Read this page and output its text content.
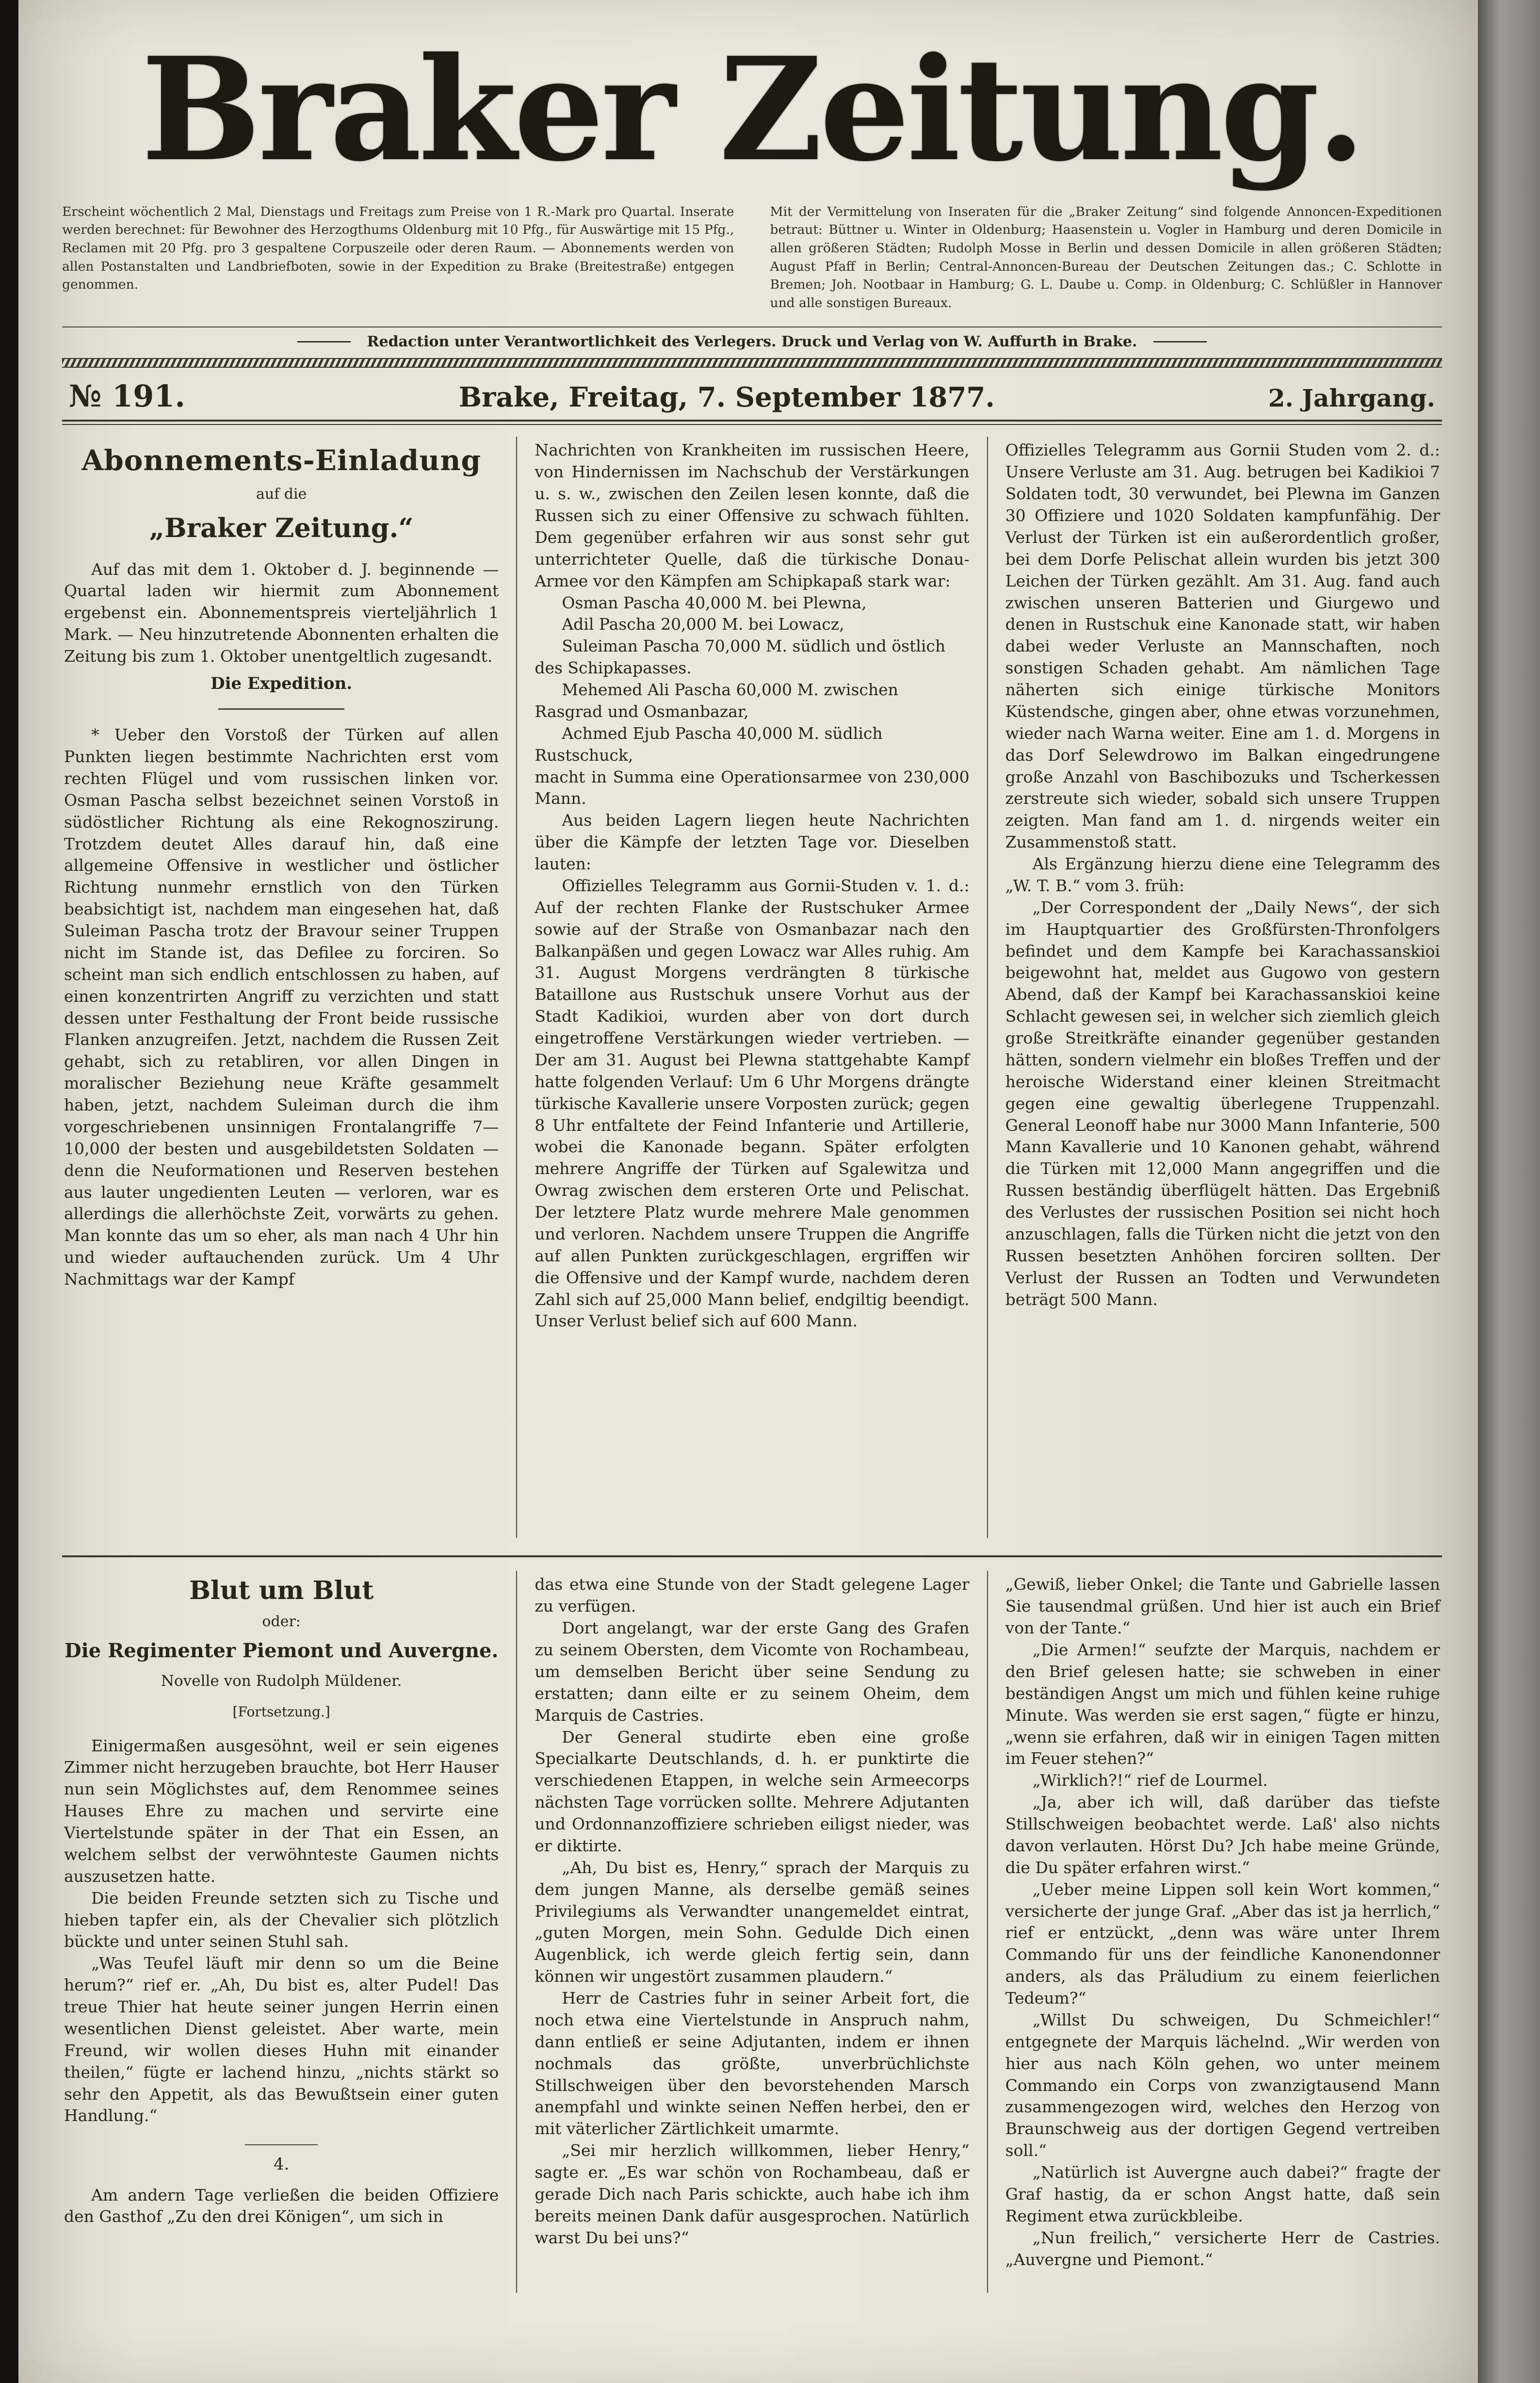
Braker Zeitung.

Erscheint wöchentlich 2 Mal, Dienstags und Freitags zum Preise von 1 R.-Mark pro Quartal. Inserate werden berechnet: für Bewohner des Herzogthums Oldenburg mit 10 Pfg., für Auswärtige mit 15 Pfg., Reclamen mit 20 Pfg. pro 3 gespaltene Corpuszeile oder deren Raum. — Abonnements werden von allen Postanstalten und Landbriefboten, sowie in der Expedition zu Brake (Breitestraße) entgegen genommen.

Mit der Vermittelung von Inseraten für die „Braker Zeitung“ sind folgende Annoncen-Expeditionen betraut: Büttner u. Winter in Oldenburg; Haasenstein u. Vogler in Hamburg und deren Domicile in allen größeren Städten; Rudolph Mosse in Berlin und dessen Domicile in allen größeren Städten; August Pfaff in Berlin; Central-Annoncen-Bureau der Deutschen Zeitungen das.; C. Schlotte in Bremen; Joh. Nootbaar in Hamburg; G. L. Daube u. Comp. in Oldenburg; C. Schlüßler in Hannover und alle sonstigen Bureaux.

Redaction unter Verantwortlichkeit des Verlegers. Druck und Verlag von W. Auffurth in Brake.
№ 191.	Brake, Freitag, 7. September 1877.	2. Jahrgang.
Abonnements-Einladung
auf die
„Braker Zeitung.“

Auf das mit dem 1. Oktober d. J. beginnende — Quartal laden wir hiermit zum Abonnement ergebenst ein. Abonnementspreis vierteljährlich 1 Mark. — Neu hinzutretende Abonnenten erhalten die Zeitung bis zum 1. Oktober unentgeltlich zugesandt.

Die Expedition.

* Ueber den Vorstoß der Türken auf allen Punkten liegen bestimmte Nachrichten erst vom rechten Flügel und vom russischen linken vor. Osman Pascha selbst bezeichnet seinen Vorstoß in südöstlicher Richtung als eine Rekognoszirung. Trotzdem deutet Alles darauf hin, daß eine allgemeine Offensive in westlicher und östlicher Richtung nunmehr ernstlich von den Türken beabsichtigt ist, nachdem man eingesehen hat, daß Suleiman Pascha trotz der Bravour seiner Truppen nicht im Stande ist, das Defilee zu forciren. So scheint man sich endlich entschlossen zu haben, auf einen konzentrirten Angriff zu verzichten und statt dessen unter Festhaltung der Front beide russische Flanken anzugreifen. Jetzt, nachdem die Russen Zeit gehabt, sich zu retabliren, vor allen Dingen in moralischer Beziehung neue Kräfte gesammelt haben, jetzt, nachdem Suleiman durch die ihm vorgeschriebenen unsinnigen Frontalangriffe 7—10,000 der besten und ausgebildetsten Soldaten — denn die Neuformationen und Reserven bestehen aus lauter ungedienten Leuten — verloren, war es allerdings die allerhöchste Zeit, vorwärts zu gehen. Man konnte das um so eher, als man nach 4 Uhr hin und wieder auftauchenden zurück. Um 4 Uhr Nachmittags war der Kampf

Nachrichten von Krankheiten im russischen Heere, von Hindernissen im Nachschub der Verstärkungen u. s. w., zwischen den Zeilen lesen konnte, daß die Russen sich zu einer Offensive zu schwach fühlten. Dem gegenüber erfahren wir aus sonst sehr gut unterrichteter Quelle, daß die türkische Donau-Armee vor den Kämpfen am Schipkapaß stark war:

Osman Pascha 40,000 M. bei Plewna,

Adil Pascha 20,000 M. bei Lowacz,

Suleiman Pascha 70,000 M. südlich und östlich des Schipkapasses.

Mehemed Ali Pascha 60,000 M. zwischen Rasgrad und Osmanbazar,

Achmed Ejub Pascha 40,000 M. südlich Rustschuck,

macht in Summa eine Operationsarmee von 230,000 Mann.

Aus beiden Lagern liegen heute Nachrichten über die Kämpfe der letzten Tage vor. Dieselben lauten:

Offizielles Telegramm aus Gornii-Studen v. 1. d.: Auf der rechten Flanke der Rustschuker Armee sowie auf der Straße von Osmanbazar nach den Balkanpäßen und gegen Lowacz war Alles ruhig. Am 31. August Morgens verdrängten 8 türkische Bataillone aus Rustschuk unsere Vorhut aus der Stadt Kadikioi, wurden aber von dort durch eingetroffene Verstärkungen wieder vertrieben. — Der am 31. August bei Plewna stattgehabte Kampf hatte folgenden Verlauf: Um 6 Uhr Morgens drängte türkische Kavallerie unsere Vorposten zurück; gegen 8 Uhr entfaltete der Feind Infanterie und Artillerie, wobei die Kanonade begann. Später erfolgten mehrere Angriffe der Türken auf Sgalewitza und Owrag zwischen dem ersteren Orte und Pelischat. Der letztere Platz wurde mehrere Male genommen und verloren. Nachdem unsere Truppen die Angriffe auf allen Punkten zurückgeschlagen, ergriffen wir die Offensive und der Kampf wurde, nachdem deren Zahl sich auf 25,000 Mann belief, endgiltig beendigt. Unser Verlust belief sich auf 600 Mann.

Offizielles Telegramm aus Gornii Studen vom 2. d.: Unsere Verluste am 31. Aug. betrugen bei Kadikioi 7 Soldaten todt, 30 verwundet, bei Plewna im Ganzen 30 Offiziere und 1020 Soldaten kampfunfähig. Der Verlust der Türken ist ein außerordentlich großer, bei dem Dorfe Pelischat allein wurden bis jetzt 300 Leichen der Türken gezählt. Am 31. Aug. fand auch zwischen unseren Batterien und Giurgewo und denen in Rustschuk eine Kanonade statt, wir haben dabei weder Verluste an Mannschaften, noch sonstigen Schaden gehabt. Am nämlichen Tage näherten sich einige türkische Monitors Küstendsche, gingen aber, ohne etwas vorzunehmen, wieder nach Warna weiter. Eine am 1. d. Morgens in das Dorf Selewdrowo im Balkan eingedrungene große Anzahl von Baschibozuks und Tscherkessen zerstreute sich wieder, sobald sich unsere Truppen zeigten. Man fand am 1. d. nirgends weiter ein Zusammenstoß statt.

Als Ergänzung hierzu diene eine Telegramm des „W. T. B.“ vom 3. früh:

„Der Correspondent der „Daily News“, der sich im Hauptquartier des Großfürsten-Thronfolgers befindet und dem Kampfe bei Karachassanskioi beigewohnt hat, meldet aus Gugowo von gestern Abend, daß der Kampf bei Karachassanskioi keine Schlacht gewesen sei, in welcher sich ziemlich gleich große Streitkräfte einander gegenüber gestanden hätten, sondern vielmehr ein bloßes Treffen und der heroische Widerstand einer kleinen Streitmacht gegen eine gewaltig überlegene Truppenzahl. General Leonoff habe nur 3000 Mann Infanterie, 500 Mann Kavallerie und 10 Kanonen gehabt, während die Türken mit 12,000 Mann angegriffen und die Russen beständig überflügelt hätten. Das Ergebniß des Verlustes der russischen Position sei nicht hoch anzuschlagen, falls die Türken nicht die jetzt von den Russen besetzten Anhöhen forciren sollten. Der Verlust der Russen an Todten und Verwundeten beträgt 500 Mann.

Blut um Blut
oder:
Die Regimenter Piemont und Auvergne.
Novelle von Rudolph Müldener.
[Fortsetzung.]

Einigermaßen ausgesöhnt, weil er sein eigenes Zimmer nicht herzugeben brauchte, bot Herr Hauser nun sein Möglichstes auf, dem Renommee seines Hauses Ehre zu machen und servirte eine Viertelstunde später in der That ein Essen, an welchem selbst der verwöhnteste Gaumen nichts auszusetzen hatte.

Die beiden Freunde setzten sich zu Tische und hieben tapfer ein, als der Chevalier sich plötzlich bückte und unter seinen Stuhl sah.

„Was Teufel läuft mir denn so um die Beine herum?“ rief er. „Ah, Du bist es, alter Pudel! Das treue Thier hat heute seiner jungen Herrin einen wesentlichen Dienst geleistet. Aber warte, mein Freund, wir wollen dieses Huhn mit einander theilen,“ fügte er lachend hinzu, „nichts stärkt so sehr den Appetit, als das Bewußtsein einer guten Handlung.“

4.

Am andern Tage verließen die beiden Offiziere den Gasthof „Zu den drei Königen“, um sich in

das etwa eine Stunde von der Stadt gelegene Lager zu verfügen.

Dort angelangt, war der erste Gang des Grafen zu seinem Obersten, dem Vicomte von Rochambeau, um demselben Bericht über seine Sendung zu erstatten; dann eilte er zu seinem Oheim, dem Marquis de Castries.

Der General studirte eben eine große Specialkarte Deutschlands, d. h. er punktirte die verschiedenen Etappen, in welche sein Armeecorps nächsten Tage vorrücken sollte. Mehrere Adjutanten und Ordonnanzoffiziere schrieben eiligst nieder, was er diktirte.

„Ah, Du bist es, Henry,“ sprach der Marquis zu dem jungen Manne, als derselbe gemäß seines Privilegiums als Verwandter unangemeldet eintrat, „guten Morgen, mein Sohn. Gedulde Dich einen Augenblick, ich werde gleich fertig sein, dann können wir ungestört zusammen plaudern.“

Herr de Castries fuhr in seiner Arbeit fort, die noch etwa eine Viertelstunde in Anspruch nahm, dann entließ er seine Adjutanten, indem er ihnen nochmals das größte, unverbrüchlichste Stillschweigen über den bevorstehenden Marsch anempfahl und winkte seinen Neffen herbei, den er mit väterlicher Zärtlichkeit umarmte.

„Sei mir herzlich willkommen, lieber Henry,“ sagte er. „Es war schön von Rochambeau, daß er gerade Dich nach Paris schickte, auch habe ich ihm bereits meinen Dank dafür ausgesprochen. Natürlich warst Du bei uns?“

„Gewiß, lieber Onkel; die Tante und Gabrielle lassen Sie tausendmal grüßen. Und hier ist auch ein Brief von der Tante.“

„Die Armen!“ seufzte der Marquis, nachdem er den Brief gelesen hatte; sie schweben in einer beständigen Angst um mich und fühlen keine ruhige Minute. Was werden sie erst sagen,“ fügte er hinzu, „wenn sie erfahren, daß wir in einigen Tagen mitten im Feuer stehen?“

„Wirklich?!“ rief de Lourmel.

„Ja, aber ich will, daß darüber das tiefste Stillschweigen beobachtet werde. Laß' also nichts davon verlauten. Hörst Du? Jch habe meine Gründe, die Du später erfahren wirst.“

„Ueber meine Lippen soll kein Wort kommen,“ versicherte der junge Graf. „Aber das ist ja herrlich,“ rief er entzückt, „denn was wäre unter Ihrem Commando für uns der feindliche Kanonendonner anders, als das Präludium zu einem feierlichen Tedeum?“

„Willst Du schweigen, Du Schmeichler!“ entgegnete der Marquis lächelnd. „Wir werden von hier aus nach Köln gehen, wo unter meinem Commando ein Corps von zwanzigtausend Mann zusammengezogen wird, welches den Herzog von Braunschweig aus der dortigen Gegend vertreiben soll.“

„Natürlich ist Auvergne auch dabei?“ fragte der Graf hastig, da er schon Angst hatte, daß sein Regiment etwa zurückbleibe.

„Nun freilich,“ versicherte Herr de Castries. „Auvergne und Piemont.“
